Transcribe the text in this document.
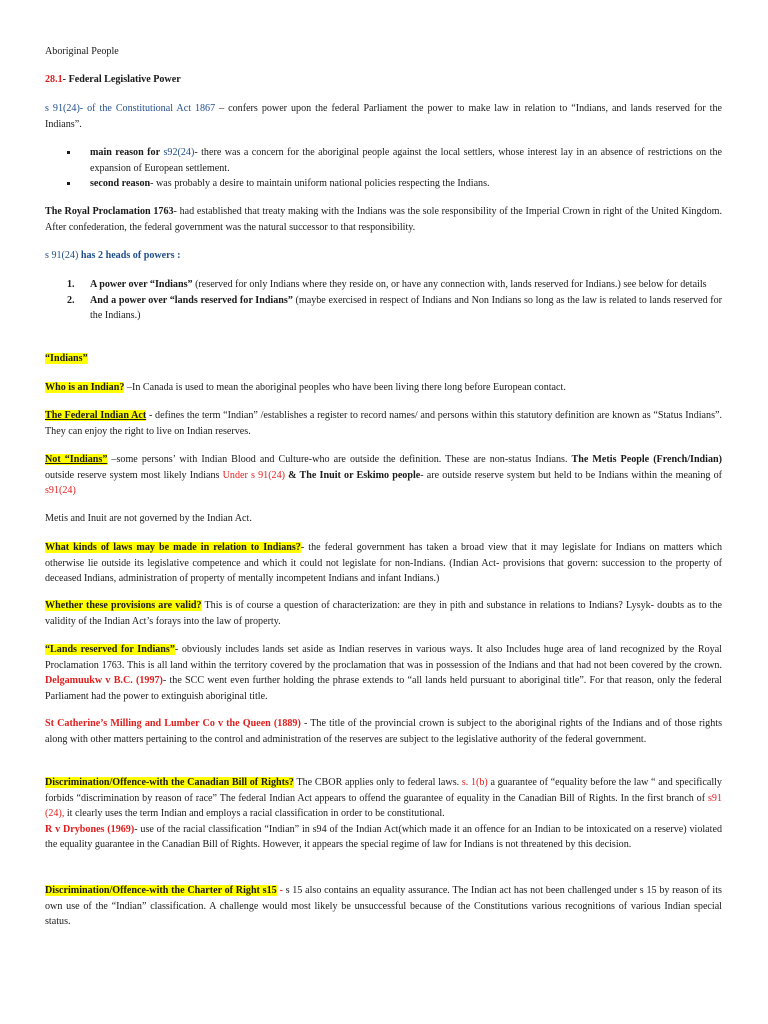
Aboriginal People

28.1- Federal Legislative Power

s 91(24)- of the Constitutional Act 1867 – confers power upon the federal Parliament the power to make law in relation to “Indians, and lands reserved for the Indians”.

main reason for s92(24)- there was a concern for the aboriginal people against the local settlers, whose interest lay in an absence of restrictions on the expansion of European settlement.
second reason- was probably a desire to maintain uniform national policies respecting the Indians.

The Royal Proclamation 1763- had established that treaty making with the Indians was the sole responsibility of the Imperial Crown in right of the United Kingdom. After confederation, the federal government was the natural successor to that responsibility.

s 91(24) has 2 heads of powers :

1. A power over “Indians” (reserved for only Indians where they reside on, or have any connection with, lands reserved for Indians.) see below for details
2. And a power over “lands reserved for Indians” (maybe exercised in respect of Indians and Non Indians so long as the law is related to lands reserved for the Indians.)

“Indians”

Who is an Indian? –In Canada is used to mean the aboriginal peoples who have been living there long before European contact.

The Federal Indian Act - defines the term “Indian” /establishes a register to record names/ and persons within this statutory definition are known as “Status Indians”. They can enjoy the right to live on Indian reserves.

Not “Indians” –some persons’ with Indian Blood and Culture-who are outside the definition. These are non-status Indians. The Metis People (French/Indian) outside reserve system most likely Indians Under s 91(24) & The Inuit or Eskimo people- are outside reserve system but held to be Indians within the meaning of s91(24)

Metis and Inuit are not governed by the Indian Act.

What kinds of laws may be made in relation to Indians?- the federal government has taken a broad view that it may legislate for Indians on matters which otherwise lie outside its legislative competence and which it could not legislate for non-Indians. (Indian Act- provisions that govern: succession to the property of deceased Indians, administration of property of mentally incompetent Indians and infant Indians.)

Whether these provisions are valid? This is of course a question of characterization: are they in pith and substance in relations to Indians? Lysyk- doubts as to the validity of the Indian Act’s forays into the law of property.

“Lands reserved for Indians”- obviously includes lands set aside as Indian reserves in various ways. It also Includes huge area of land recognized by the Royal Proclamation 1763. This is all land within the territory covered by the proclamation that was in possession of the Indians and that had not been covered by the crown. Delgamuukw v B.C. (1997)- the SCC went even further holding the phrase extends to “all lands held pursuant to aboriginal title”. For that reason, only the federal Parliament had the power to extinguish aboriginal title.

St Catherine’s Milling and Lumber Co v the Queen (1889) - The title of the provincial crown is subject to the aboriginal rights of the Indians and of those rights along with other matters pertaining to the control and administration of the reserves are subject to the legislative authority of the federal government.

Discrimination/Offence-with the Canadian Bill of Rights? The CBOR applies only to federal laws. s. 1(b) a guarantee of “equality before the law “ and specifically forbids “discrimination by reason of race” The federal Indian Act appears to offend the guarantee of equality in the Canadian Bill of Rights. In the first branch of s91 (24), it clearly uses the term Indian and employs a racial classification in order to be constitutional.
R v Drybones (1969)- use of the racial classification “Indian” in s94 of the Indian Act(which made it an offence for an Indian to be intoxicated on a reserve) violated the equality guarantee in the Canadian Bill of Rights. However, it appears the special regime of law for Indians is not threatened by this decision.

Discrimination/Offence-with the Charter of Right s15 - s 15 also contains an equality assurance. The Indian act has not been challenged under s 15 by reason of its own use of the “Indian” classification. A challenge would most likely be unsuccessful because of the Constitutions various recognitions of various Indian special status.
